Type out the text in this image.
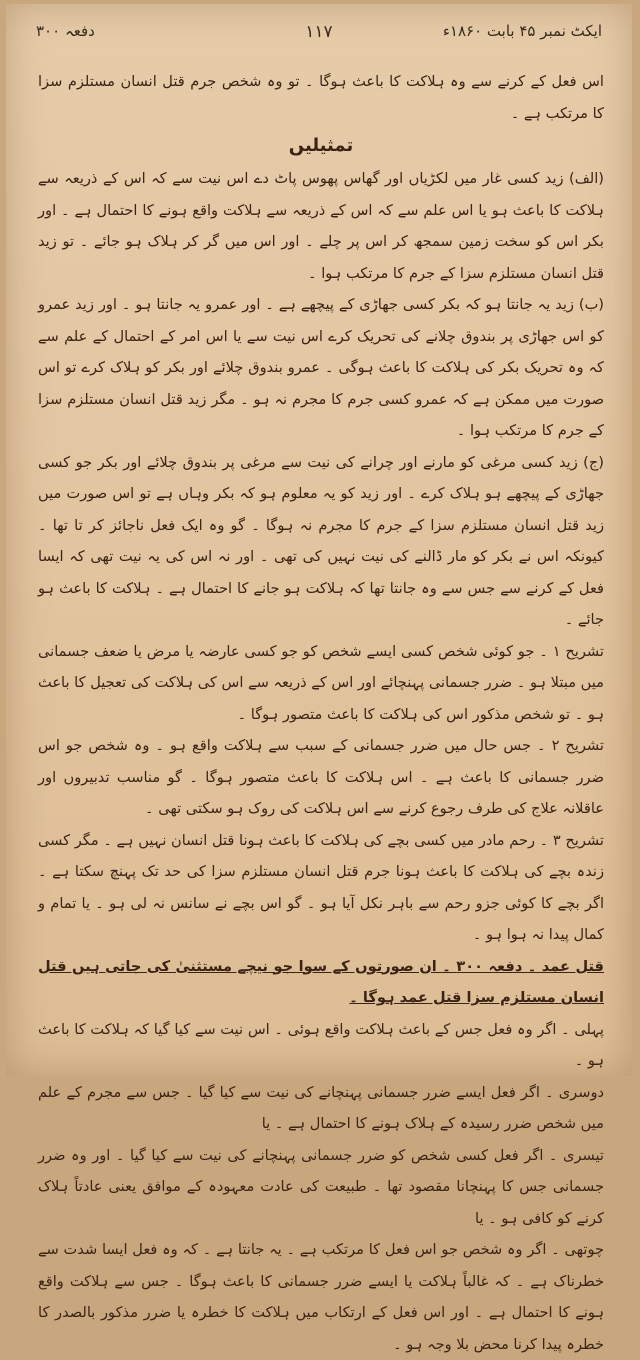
دفعہ ۳۰۰	۱۱۷	ایکٹ نمبر ۴۵ بابت ۱۸۶۰ء

اس فعل کے کرنے سے وہ ہلاکت کا باعث ہوگا ۔ تو وہ شخص جرم قتل انسان مستلزم سزا کا مرتکب ہے ۔

تمثیلیں

(الف) زید کسی غار میں لکڑیاں اور گھاس پھوس پاٹ دے اس نیت سے کہ اس کے ذریعہ سے ہلاکت کا باعث ہو یا اس علم سے کہ اس کے ذریعہ سے ہلاکت واقع ہونے کا احتمال ہے ۔ اور بکر اس کو سخت زمین سمجھ کر اس پر چلے ۔ اور اس میں گر کر ہلاک ہو جائے ۔ تو زید قتل انسان مستلزم سزا کے جرم کا مرتکب ہوا ۔

(ب) زید یہ جانتا ہو کہ بکر کسی جھاڑی کے پیچھے ہے ۔ اور عمرو یہ جانتا ہو ۔ اور زید عمرو کو اس جھاڑی پر بندوق چلانے کی تحریک کرے اس نیت سے یا اس امر کے احتمال کے علم سے کہ وہ تحریک بکر کی ہلاکت کا باعث ہوگی ۔ عمرو بندوق چلائے اور بکر کو ہلاک کرے تو اس صورت میں ممکن ہے کہ عمرو کسی جرم کا مجرم نہ ہو ۔ مگر زید قتل انسان مستلزم سزا کے جرم کا مرتکب ہوا ۔

(ج) زید کسی مرغی کو مارنے اور چرانے کی نیت سے مرغی پر بندوق چلائے اور بکر جو کسی جھاڑی کے پیچھے ہو ہلاک کرے ۔ اور زید کو یہ معلوم ہو کہ بکر وہاں ہے تو اس صورت میں زید قتل انسان مستلزم سزا کے جرم کا مجرم نہ ہوگا ۔ گو وہ ایک فعل ناجائز کر تا تھا ۔ کیونکہ اس نے بکر کو مار ڈالنے کی نیت نہیں کی تھی ۔ اور نہ اس کی یہ نیت تھی کہ ایسا فعل کے کرنے سے جس سے وہ جانتا تھا کہ ہلاکت ہو جانے کا احتمال ہے ۔ ہلاکت کا باعث ہو جائے ۔

تشریح ۱ ۔ جو کوئی شخص کسی ایسے شخص کو جو کسی عارضہ یا مرض یا ضعف جسمانی میں مبتلا ہو ۔ ضرر جسمانی پہنچائے اور اس کے ذریعہ سے اس کی ہلاکت کی تعجیل کا باعث ہو ۔ تو شخص مذکور اس کی ہلاکت کا باعث متصور ہوگا ۔

تشریح ۲ ۔ جس حال میں ضرر جسمانی کے سبب سے ہلاکت واقع ہو ۔ وہ شخص جو اس ضرر جسمانی کا باعث ہے ۔ اس ہلاکت کا باعث متصور ہوگا ۔ گو مناسب تدبیروں اور عاقلانہ علاج کی طرف رجوع کرنے سے اس ہلاکت کی روک ہو سکتی تھی ۔

تشریح ۳ ۔ رحم مادر میں کسی بچے کی ہلاکت کا باعث ہونا قتل انسان نہیں ہے ۔ مگر کسی زندہ بچے کی ہلاکت کا باعث ہونا جرم قتل انسان مستلزم سزا کی حد تک پہنچ سکتا ہے ۔ اگر بچے کا کوئی جزو رحم سے باہر نکل آیا ہو ۔ گو اس بچے نے سانس نہ لی ہو ۔ یا تمام و کمال پیدا نہ ہوا ہو ۔

قتل عمد ۔ دفعہ ۳۰۰ ۔ ان صورتوں کے سوا جو نیچے مستثنیٰ کی جاتی ہیں قتل انسان مستلزم سزا قتل عمد ہوگا ۔

پہلی ۔ اگر وہ فعل جس کے باعث ہلاکت واقع ہوئی ۔ اس نیت سے کیا گیا کہ ہلاکت کا باعث ہو ۔

دوسری ۔ اگر فعل ایسے ضرر جسمانی پہنچانے کی نیت سے کیا گیا ۔ جس سے مجرم کے علم میں شخص ضرر رسیدہ کے ہلاک ہونے کا احتمال ہے ۔ یا

تیسری ۔ اگر فعل کسی شخص کو ضرر جسمانی پہنچانے کی نیت سے کیا گیا ۔ اور وہ ضرر جسمانی جس کا پہنچانا مقصود تھا ۔ طبیعت کی عادت معہودہ کے موافق یعنی عادتاً ہلاک کرنے کو کافی ہو ۔ یا

چوتھی ۔ اگر وہ شخص جو اس فعل کا مرتکب ہے ۔ یہ جانتا ہے ۔ کہ وہ فعل ایسا شدت سے خطرناک ہے ۔ کہ غالباً ہلاکت یا ایسے ضرر جسمانی کا باعث ہوگا ۔ جس سے ہلاکت واقع ہونے کا احتمال ہے ۔ اور اس فعل کے ارتکاب میں ہلاکت کا خطرہ یا ضرر مذکور بالصدر کا خطرہ پیدا کرنا محض بلا وجہ ہو ۔
